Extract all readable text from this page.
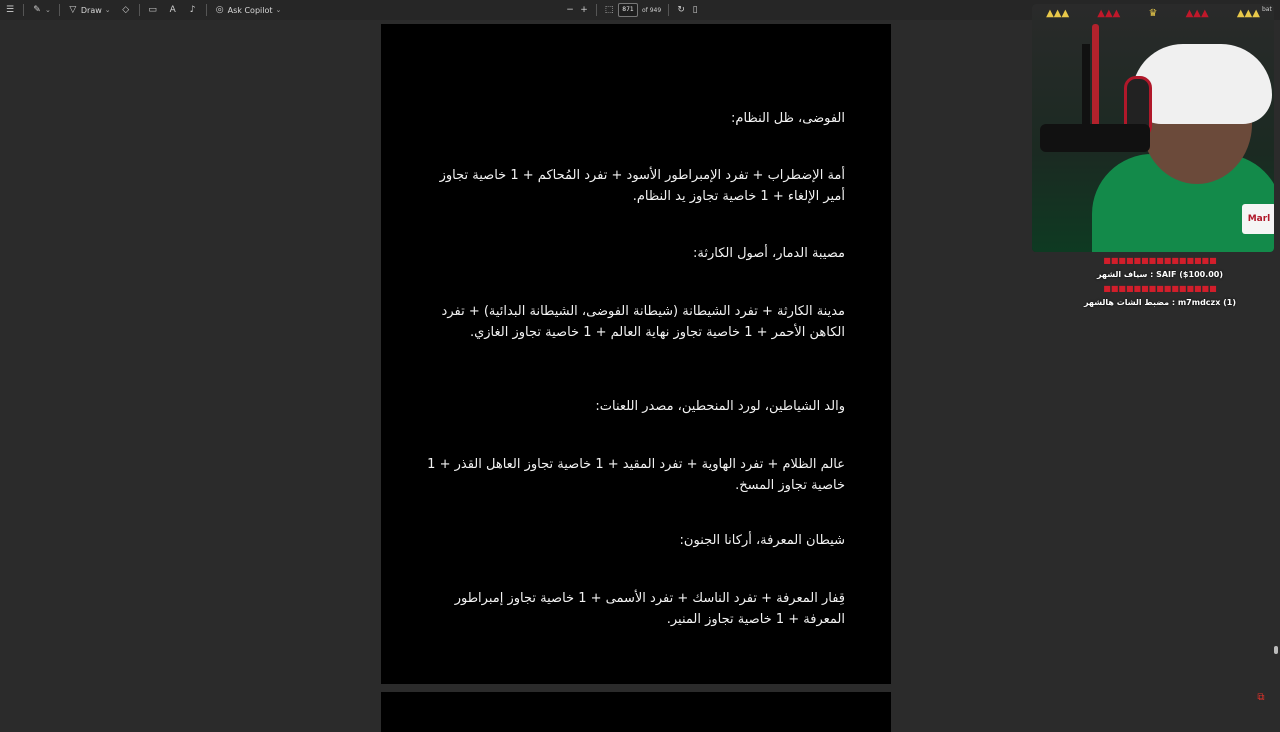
☰ ✎ ⌄ ▽ Draw ⌄ ◇ ▭ A ♪ ◎ Ask Copilot ⌄	− + ⬚	871	of 949 ↻ ▯
الفوضى، ظل النظام:
أمة الإضطراب + تفرد الإمبراطور الأسود + تفرد المُحاكم + 1 خاصية تجاوز أمير الإلغاء + 1 خاصية تجاوز يد النظام.
مصيبة الدمار، أصول الكارثة:
مدينة الكارثة + تفرد الشيطانة (شيطانة الفوضى، الشيطانة البدائية) + تفرد الكاهن الأحمر + 1 خاصية تجاوز نهاية العالم + 1 خاصية تجاوز الغازي.
والد الشياطين، لورد المنحطين، مصدر اللعنات:
عالم الظلام + تفرد الهاوية + تفرد المقيد + 1 خاصية تجاوز العاهل القذر + 1 خاصية تجاوز المسخ.
شيطان المعرفة، أركانا الجنون:
قِفار المعرفة + تفرد الناسك + تفرد الأسمى + 1 خاصية تجاوز إمبراطور المعرفة + 1 خاصية تجاوز المنير.
Marl
▲▲▲	▲▲▲	♛	▲▲▲	▲▲▲ bat
■■■■■■■■■■■■■■■
SAIF ($100.00) : سياف الشهر
■■■■■■■■■■■■■■■
m7mdczx (1) : مضبط الشات هالشهر
⧉
